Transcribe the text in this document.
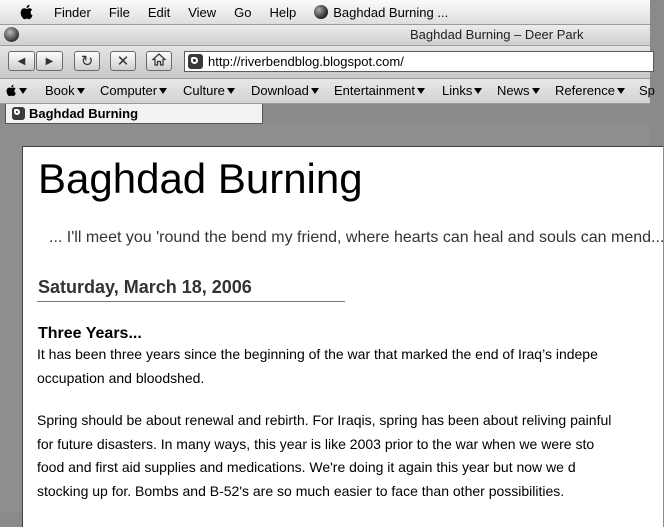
Finder File Edit View Go Help	Baghdad Burning ...
Baghdad Burning – Deer Park
◀ ▶ ↻ ✕	http://riverbendblog.blogspot.com/
Book	Computer	Culture	Download	Entertainment	Links	News	Reference	Sp
Baghdad Burning
Baghdad Burning
... I'll meet you 'round the bend my friend, where hearts can heal and souls can mend...
Saturday, March 18, 2006
Three Years...
It has been three years since the beginning of the war that marked the end of Iraq’s indepe
occupation and bloodshed.
Spring should be about renewal and rebirth. For Iraqis, spring has been about reliving painful
for future disasters. In many ways, this year is like 2003 prior to the war when we were sto
food and first aid supplies and medications. We're doing it again this year but now we d
stocking up for. Bombs and B-52's are so much easier to face than other possibilities.
